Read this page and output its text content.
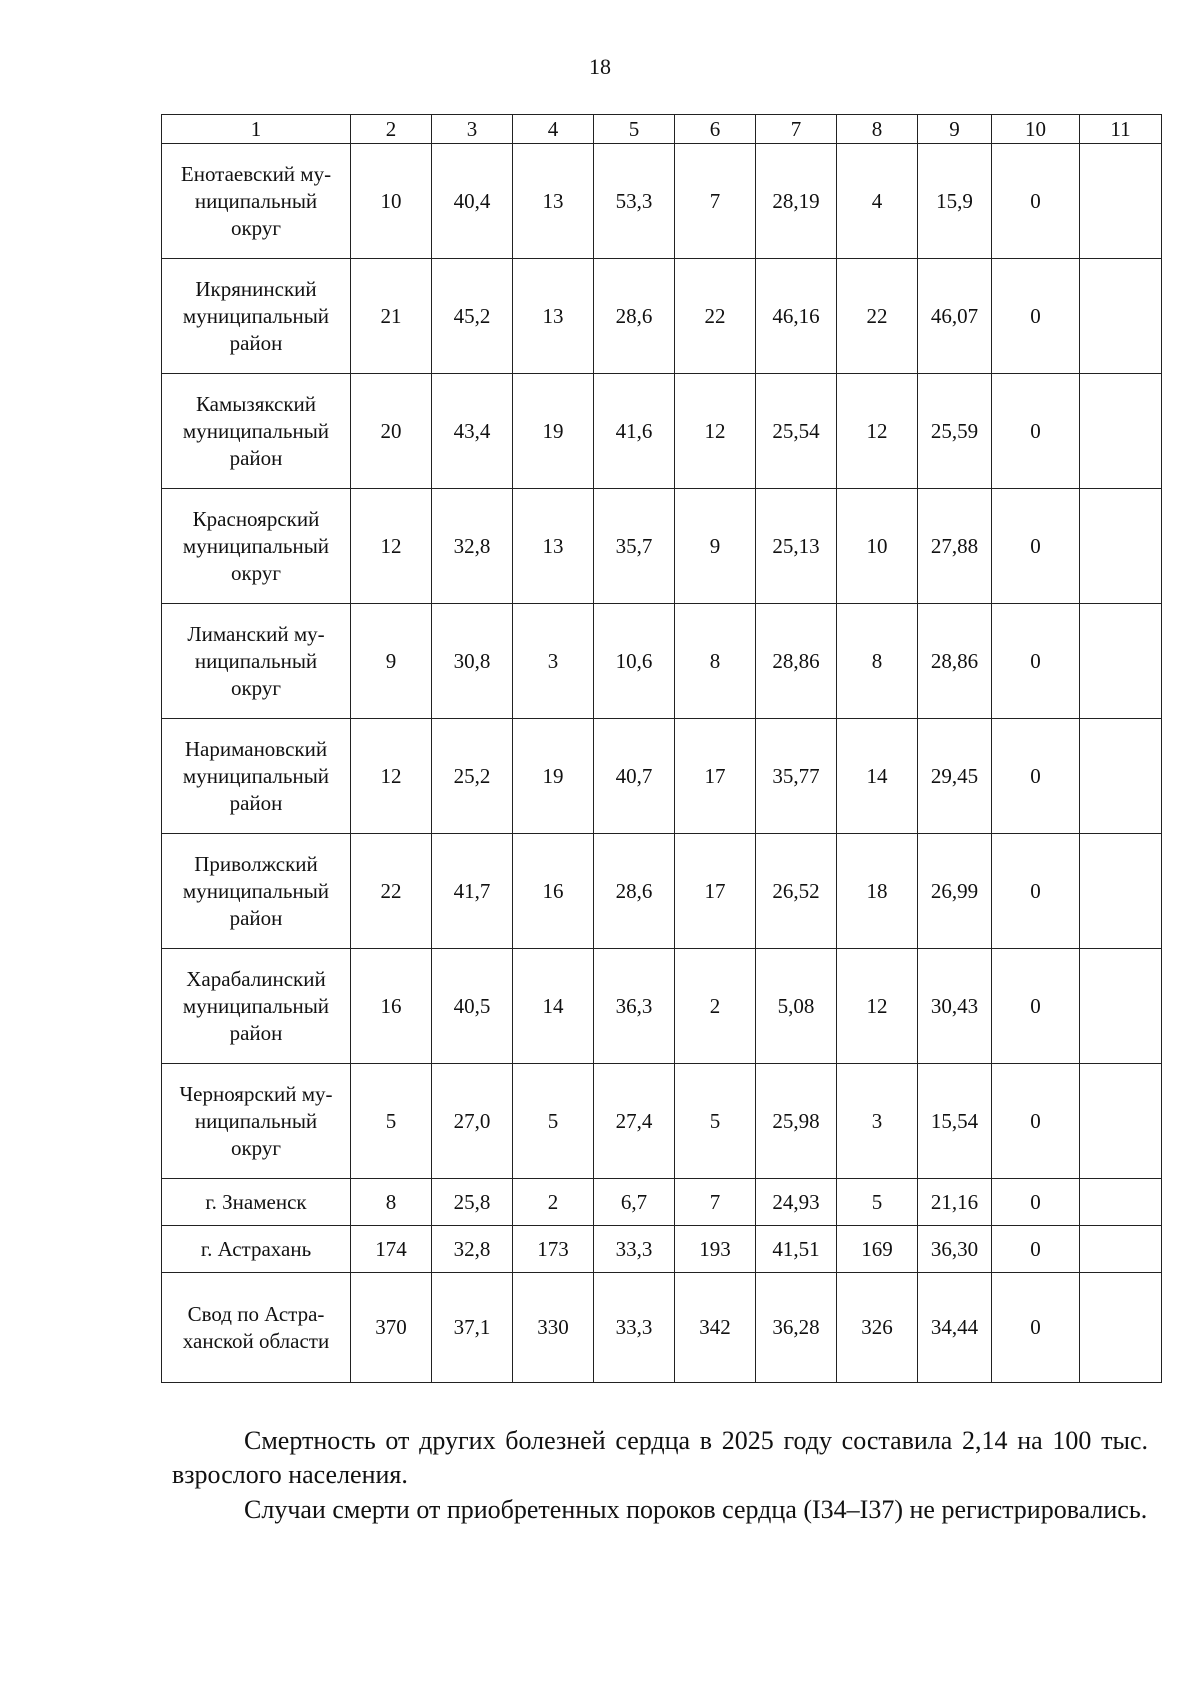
18
1	2	3	4	5	6	7	8	9	10	11
Енотаевский му-
ниципальный
округ	10	40,4	13	53,3	7	28,19	4	15,9	0	
Икрянинский
муниципальный
район	21	45,2	13	28,6	22	46,16	22	46,07	0	
Камызякский
муниципальный
район	20	43,4	19	41,6	12	25,54	12	25,59	0	
Красноярский
муниципальный
округ	12	32,8	13	35,7	9	25,13	10	27,88	0	
Лиманский му-
ниципальный
округ	9	30,8	3	10,6	8	28,86	8	28,86	0	
Наримановский
муниципальный
район	12	25,2	19	40,7	17	35,77	14	29,45	0	
Приволжский
муниципальный
район	22	41,7	16	28,6	17	26,52	18	26,99	0	
Харабалинский
муниципальный
район	16	40,5	14	36,3	2	5,08	12	30,43	0	
Черноярский му-
ниципальный
округ	5	27,0	5	27,4	5	25,98	3	15,54	0	
г. Знаменск	8	25,8	2	6,7	7	24,93	5	21,16	0	
г. Астрахань	174	32,8	173	33,3	193	41,51	169	36,30	0	
Свод по Астра-
ханской области	370	37,1	330	33,3	342	36,28	326	34,44	0	

Смертность от других болезней сердца в 2025 году составила 2,14 на 100 тыс. взрослого населения.

Случаи смерти от приобретенных пороков сердца (I34–I37) не регистрировались.
